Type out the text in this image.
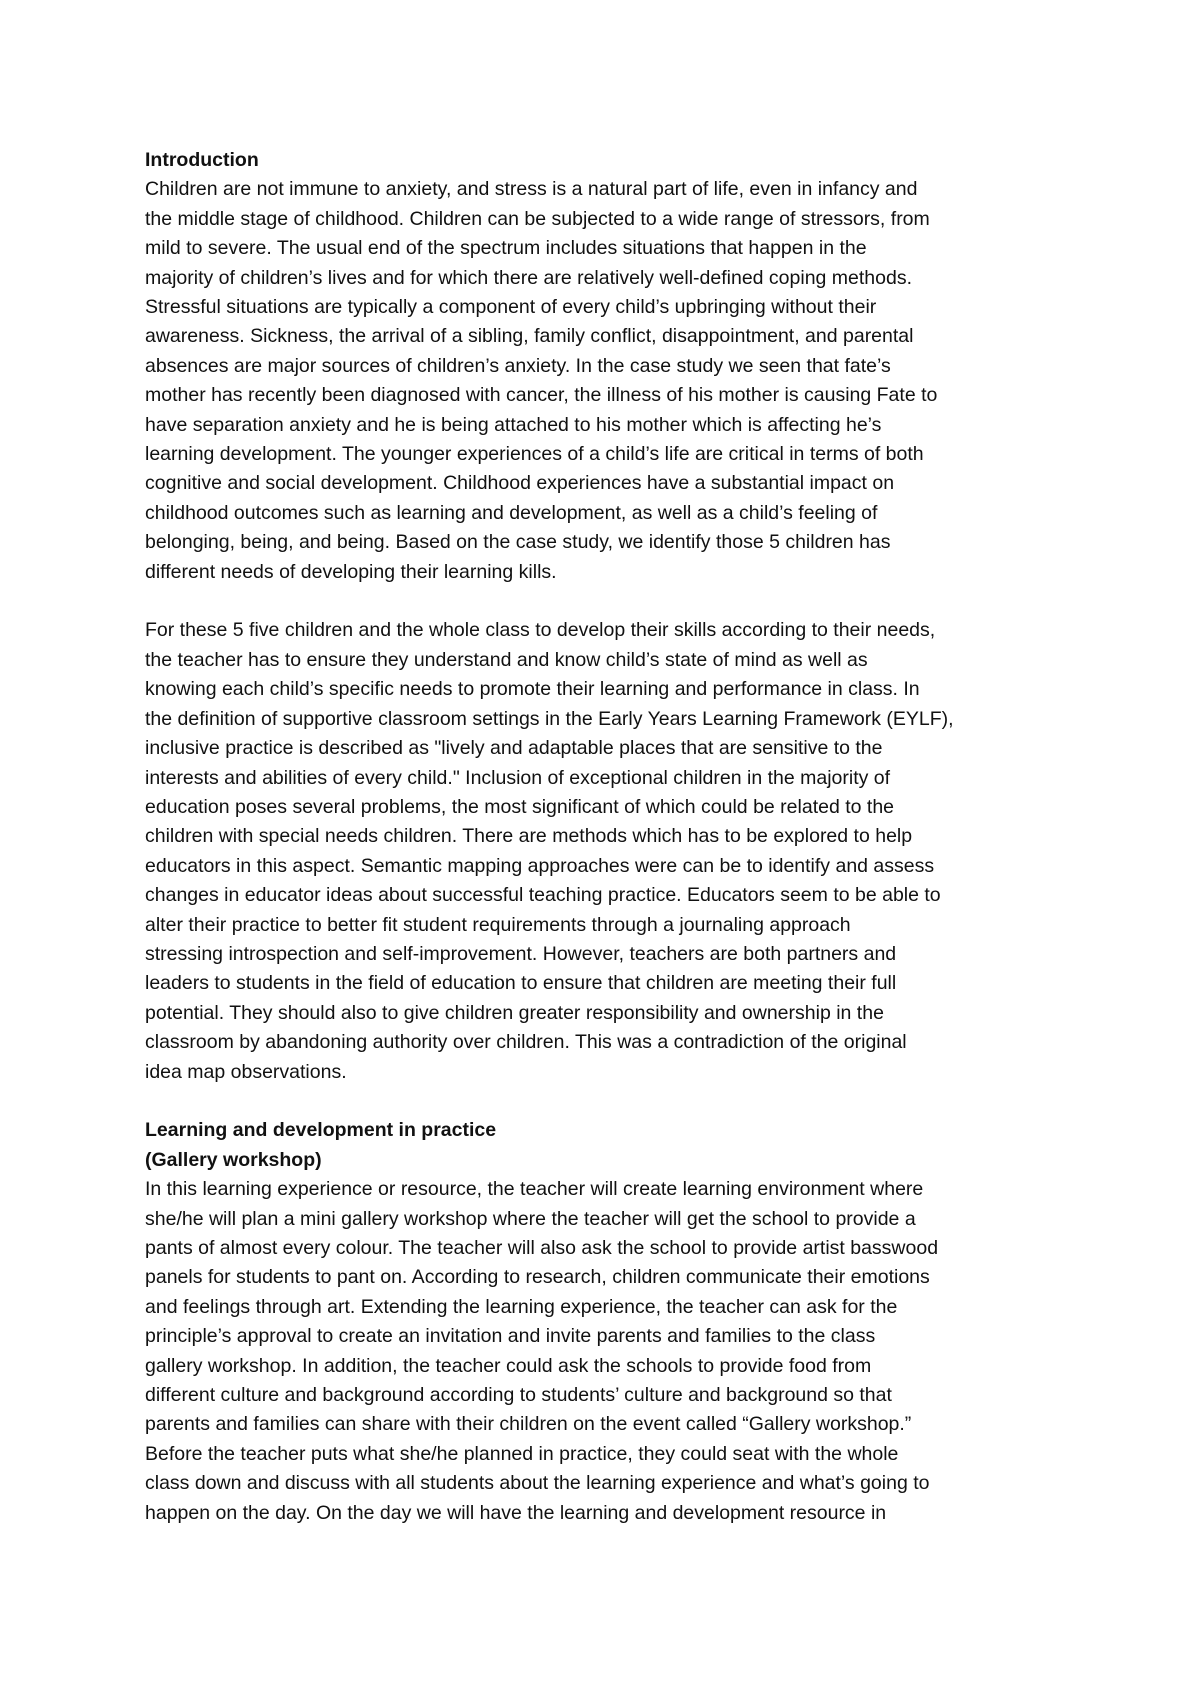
Introduction
Children are not immune to anxiety, and stress is a natural part of life, even in infancy and
the middle stage of childhood. Children can be subjected to a wide range of stressors, from
mild to severe. The usual end of the spectrum includes situations that happen in the
majority of children’s lives and for which there are relatively well-defined coping methods.
Stressful situations are typically a component of every child’s upbringing without their
awareness. Sickness, the arrival of a sibling, family conflict, disappointment, and parental
absences are major sources of children’s anxiety. In the case study we seen that fate’s
mother has recently been diagnosed with cancer, the illness of his mother is causing Fate to
have separation anxiety and he is being attached to his mother which is affecting he’s
learning development. The younger experiences of a child’s life are critical in terms of both
cognitive and social development. Childhood experiences have a substantial impact on
childhood outcomes such as learning and development, as well as a child’s feeling of
belonging, being, and being. Based on the case study, we identify those 5 children has
different needs of developing their learning kills.
For these 5 five children and the whole class to develop their skills according to their needs,
the teacher has to ensure they understand and know child’s state of mind as well as
knowing each child’s specific needs to promote their learning and performance in class. In
the definition of supportive classroom settings in the Early Years Learning Framework (EYLF),
inclusive practice is described as "lively and adaptable places that are sensitive to the
interests and abilities of every child." Inclusion of exceptional children in the majority of
education poses several problems, the most significant of which could be related to the
children with special needs children. There are methods which has to be explored to help
educators in this aspect. Semantic mapping approaches were can be to identify and assess
changes in educator ideas about successful teaching practice. Educators seem to be able to
alter their practice to better fit student requirements through a journaling approach
stressing introspection and self-improvement. However, teachers are both partners and
leaders to students in the field of education to ensure that children are meeting their full
potential. They should also to give children greater responsibility and ownership in the
classroom by abandoning authority over children. This was a contradiction of the original
idea map observations.
Learning and development in practice
(Gallery workshop)
In this learning experience or resource, the teacher will create learning environment where
she/he will plan a mini gallery workshop where the teacher will get the school to provide a
pants of almost every colour. The teacher will also ask the school to provide artist basswood
panels for students to pant on. According to research, children communicate their emotions
and feelings through art. Extending the learning experience, the teacher can ask for the
principle’s approval to create an invitation and invite parents and families to the class
gallery workshop. In addition, the teacher could ask the schools to provide food from
different culture and background according to students’ culture and background so that
parents and families can share with their children on the event called “Gallery workshop.”
Before the teacher puts what she/he planned in practice, they could seat with the whole
class down and discuss with all students about the learning experience and what’s going to
happen on the day. On the day we will have the learning and development resource in
